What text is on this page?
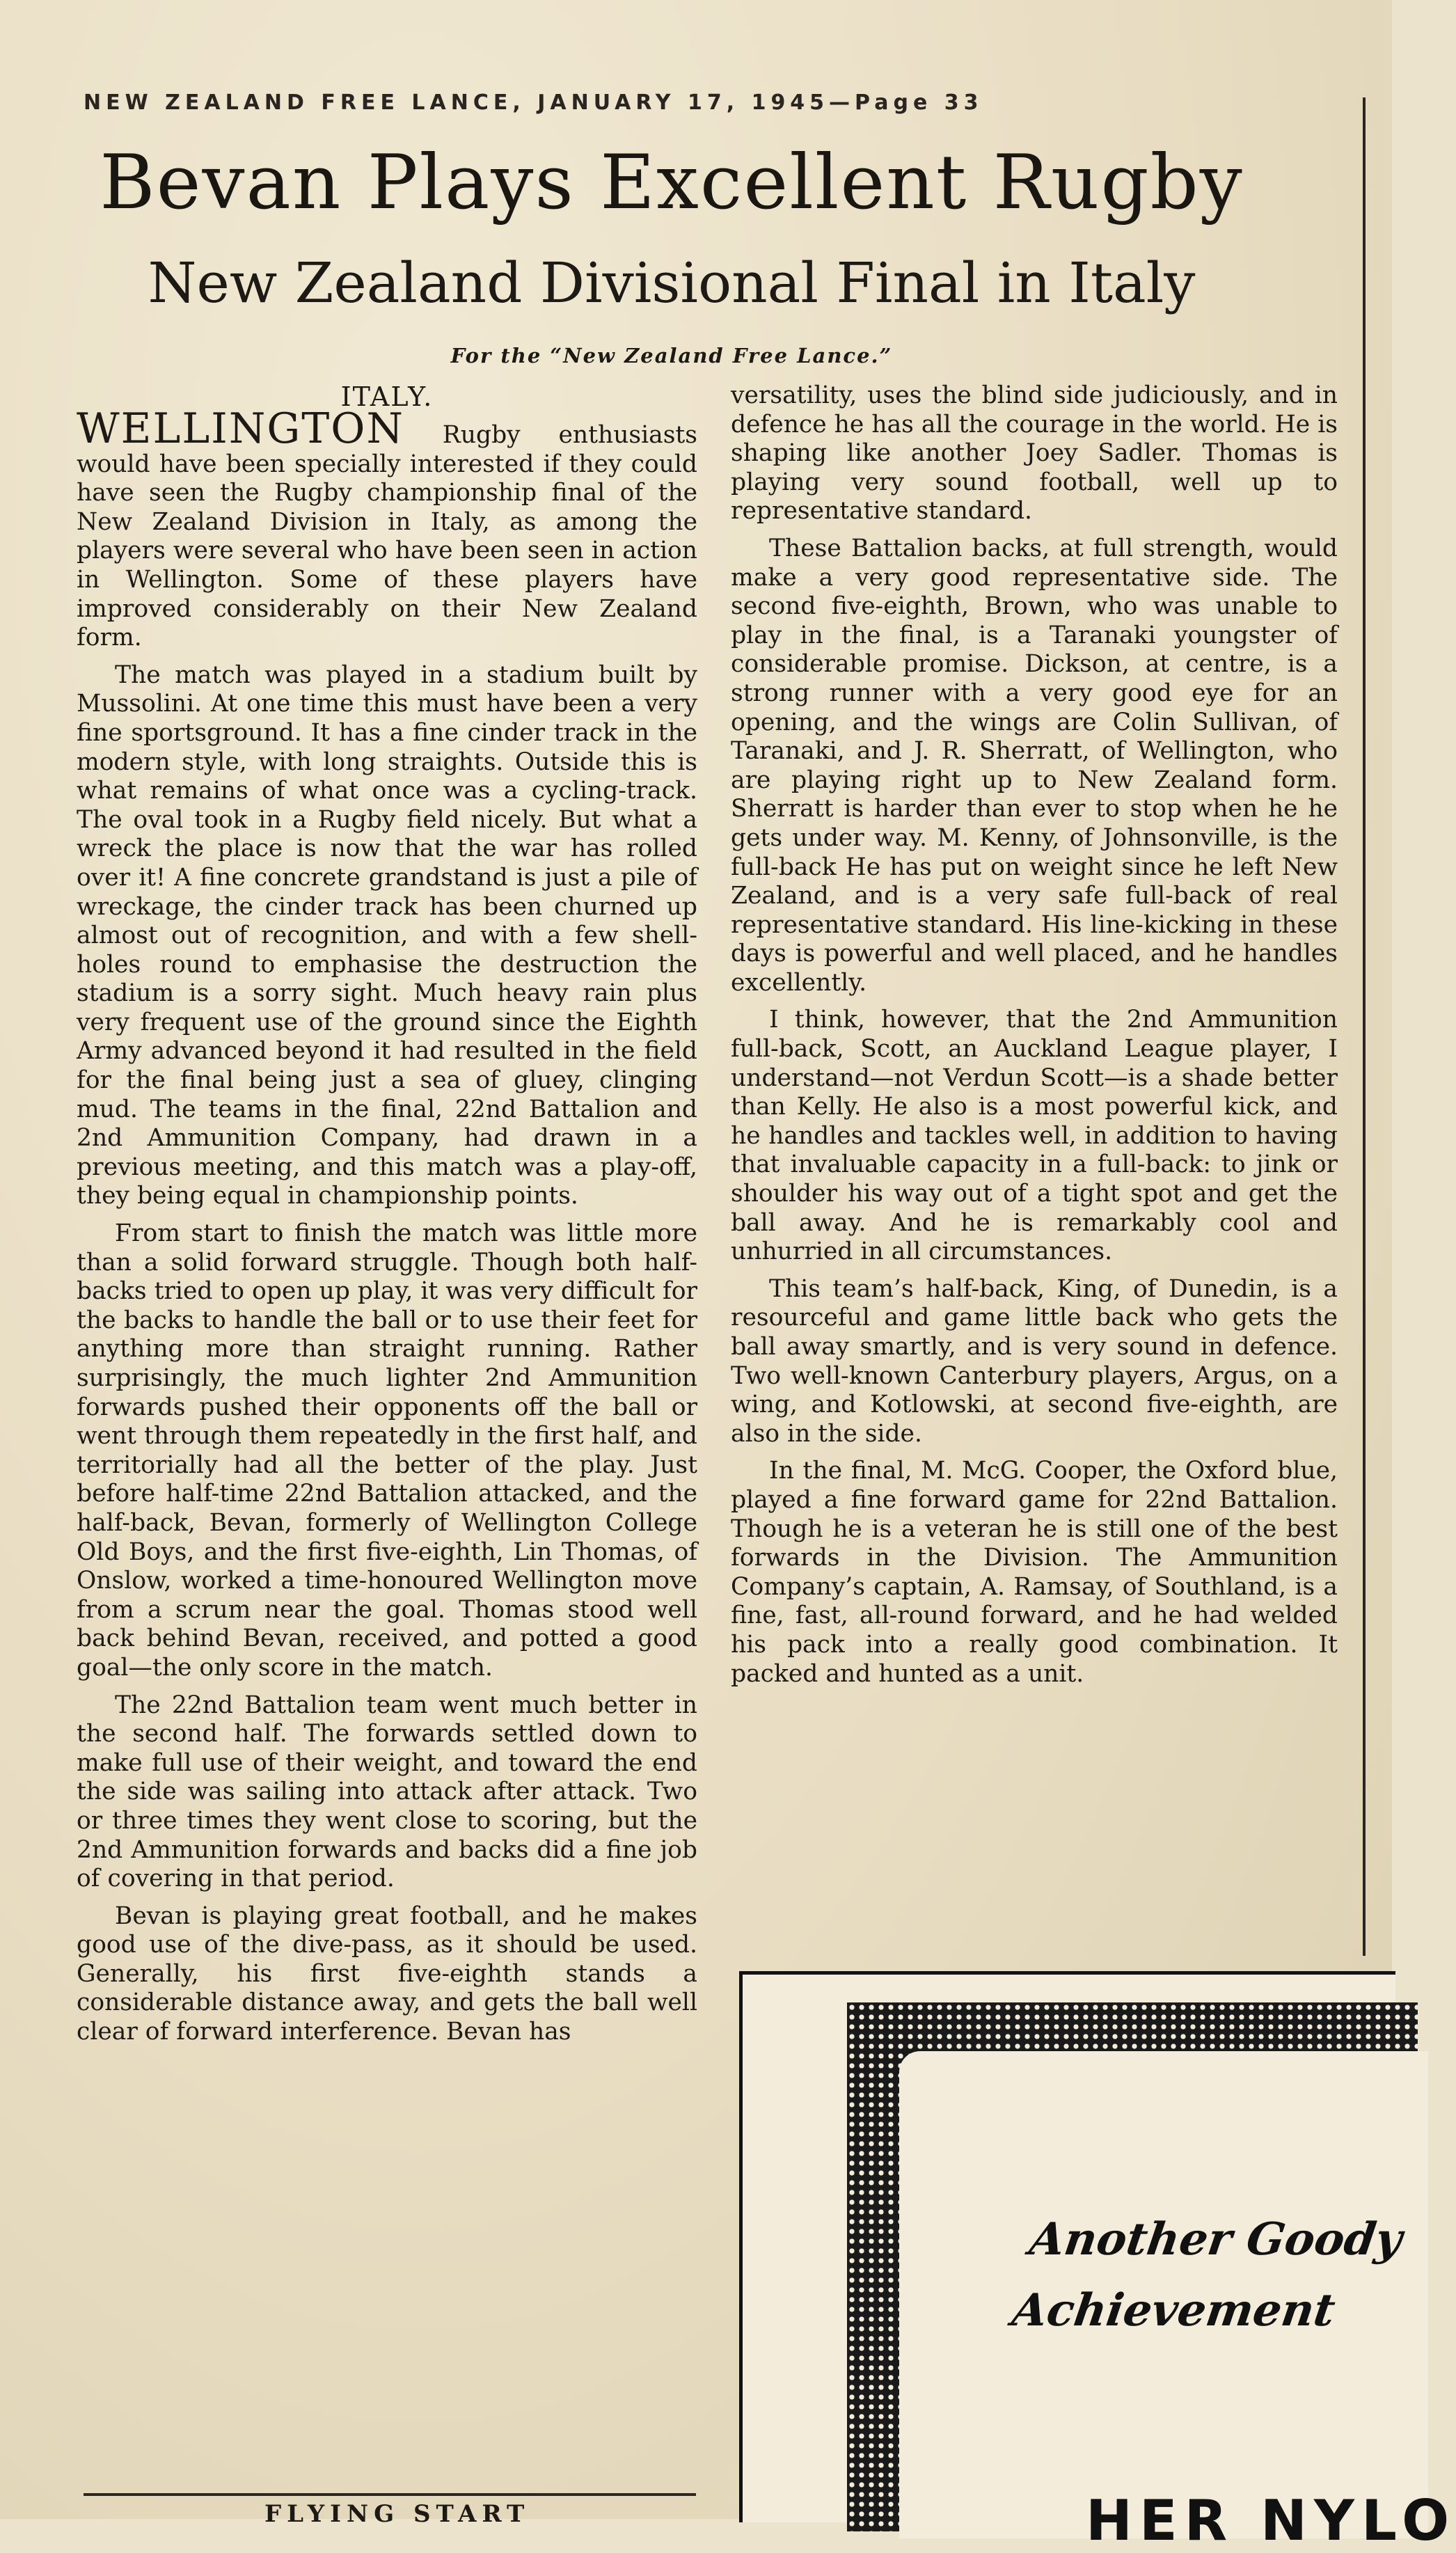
NEW ZEALAND FREE LANCE, JANUARY 17, 1945—Page 33
Bevan Plays Excellent Rugby
New Zealand Divisional Final in Italy
For the “New Zealand Free Lance.”
ITALY.

WELLINGTON Rugby enthusiasts would have been specially interested if they could have seen the Rugby championship final of the New Zealand Division in Italy, as among the players were several who have been seen in action in Wellington. Some of these players have improved considerably on their New Zealand form.

The match was played in a stadium built by Mussolini. At one time this must have been a very fine sportsground. It has a fine cinder track in the modern style, with long straights. Outside this is what remains of what once was a cycling-track. The oval took in a Rugby field nicely. But what a wreck the place is now that the war has rolled over it! A fine concrete grandstand is just a pile of wreckage, the cinder track has been churned up almost out of recognition, and with a few shell-holes round to emphasise the destruction the stadium is a sorry sight. Much heavy rain plus very frequent use of the ground since the Eighth Army advanced beyond it had resulted in the field for the final being just a sea of gluey, clinging mud. The teams in the final, 22nd Battalion and 2nd Ammunition Company, had drawn in a previous meeting, and this match was a play-off, they being equal in championship points.

From start to finish the match was little more than a solid forward struggle. Though both half-backs tried to open up play, it was very difficult for the backs to handle the ball or to use their feet for anything more than straight running. Rather surprisingly, the much lighter 2nd Ammunition forwards pushed their opponents off the ball or went through them repeatedly in the first half, and territorially had all the better of the play. Just before half-time 22nd Battalion attacked, and the half-back, Bevan, formerly of Wellington College Old Boys, and the first five-eighth, Lin Thomas, of Onslow, worked a time-honoured Wellington move from a scrum near the goal. Thomas stood well back behind Bevan, received, and potted a good goal—the only score in the match.

The 22nd Battalion team went much better in the second half. The forwards settled down to make full use of their weight, and toward the end the side was sailing into attack after attack. Two or three times they went close to scoring, but the 2nd Ammunition forwards and backs did a fine job of covering in that period.

Bevan is playing great football, and he makes good use of the dive-pass, as it should be used. Generally, his first five-eighth stands a considerable distance away, and gets the ball well clear of forward interference. Bevan has

versatility, uses the blind side judiciously, and in defence he has all the courage in the world. He is shaping like another Joey Sadler. Thomas is playing very sound football, well up to representative standard.

These Battalion backs, at full strength, would make a very good representative side. The second five-eighth, Brown, who was unable to play in the final, is a Taranaki youngster of considerable promise. Dickson, at centre, is a strong runner with a very good eye for an opening, and the wings are Colin Sullivan, of Taranaki, and J. R. Sherratt, of Wellington, who are playing right up to New Zealand form. Sherratt is harder than ever to stop when he he gets under way. M. Kenny, of Johnsonville, is the full-back He has put on weight since he left New Zealand, and is a very safe full-back of real representative standard. His line-kicking in these days is powerful and well placed, and he handles excellently.

I think, however, that the 2nd Ammunition full-back, Scott, an Auckland League player, I understand—not Verdun Scott—is a shade better than Kelly. He also is a most powerful kick, and he handles and tackles well, in addition to having that invaluable capacity in a full-back: to jink or shoulder his way out of a tight spot and get the ball away. And he is remarkably cool and unhurried in all circumstances.

This team’s half-back, King, of Dunedin, is a resourceful and game little back who gets the ball away smartly, and is very sound in defence. Two well-known Canterbury players, Argus, on a wing, and Kotlowski, at second five-eighth, are also in the side.

In the final, M. McG. Cooper, the Oxford blue, played a fine forward game for 22nd Battalion. Though he is a veteran he is still one of the best forwards in the Division. The Ammunition Company’s captain, A. Ramsay, of Southland, is a fine, fast, all-round forward, and he had welded his pack into a really good combination. It packed and hunted as a unit.

FLYING START
Another Goody
Achievement
HER NYLO
